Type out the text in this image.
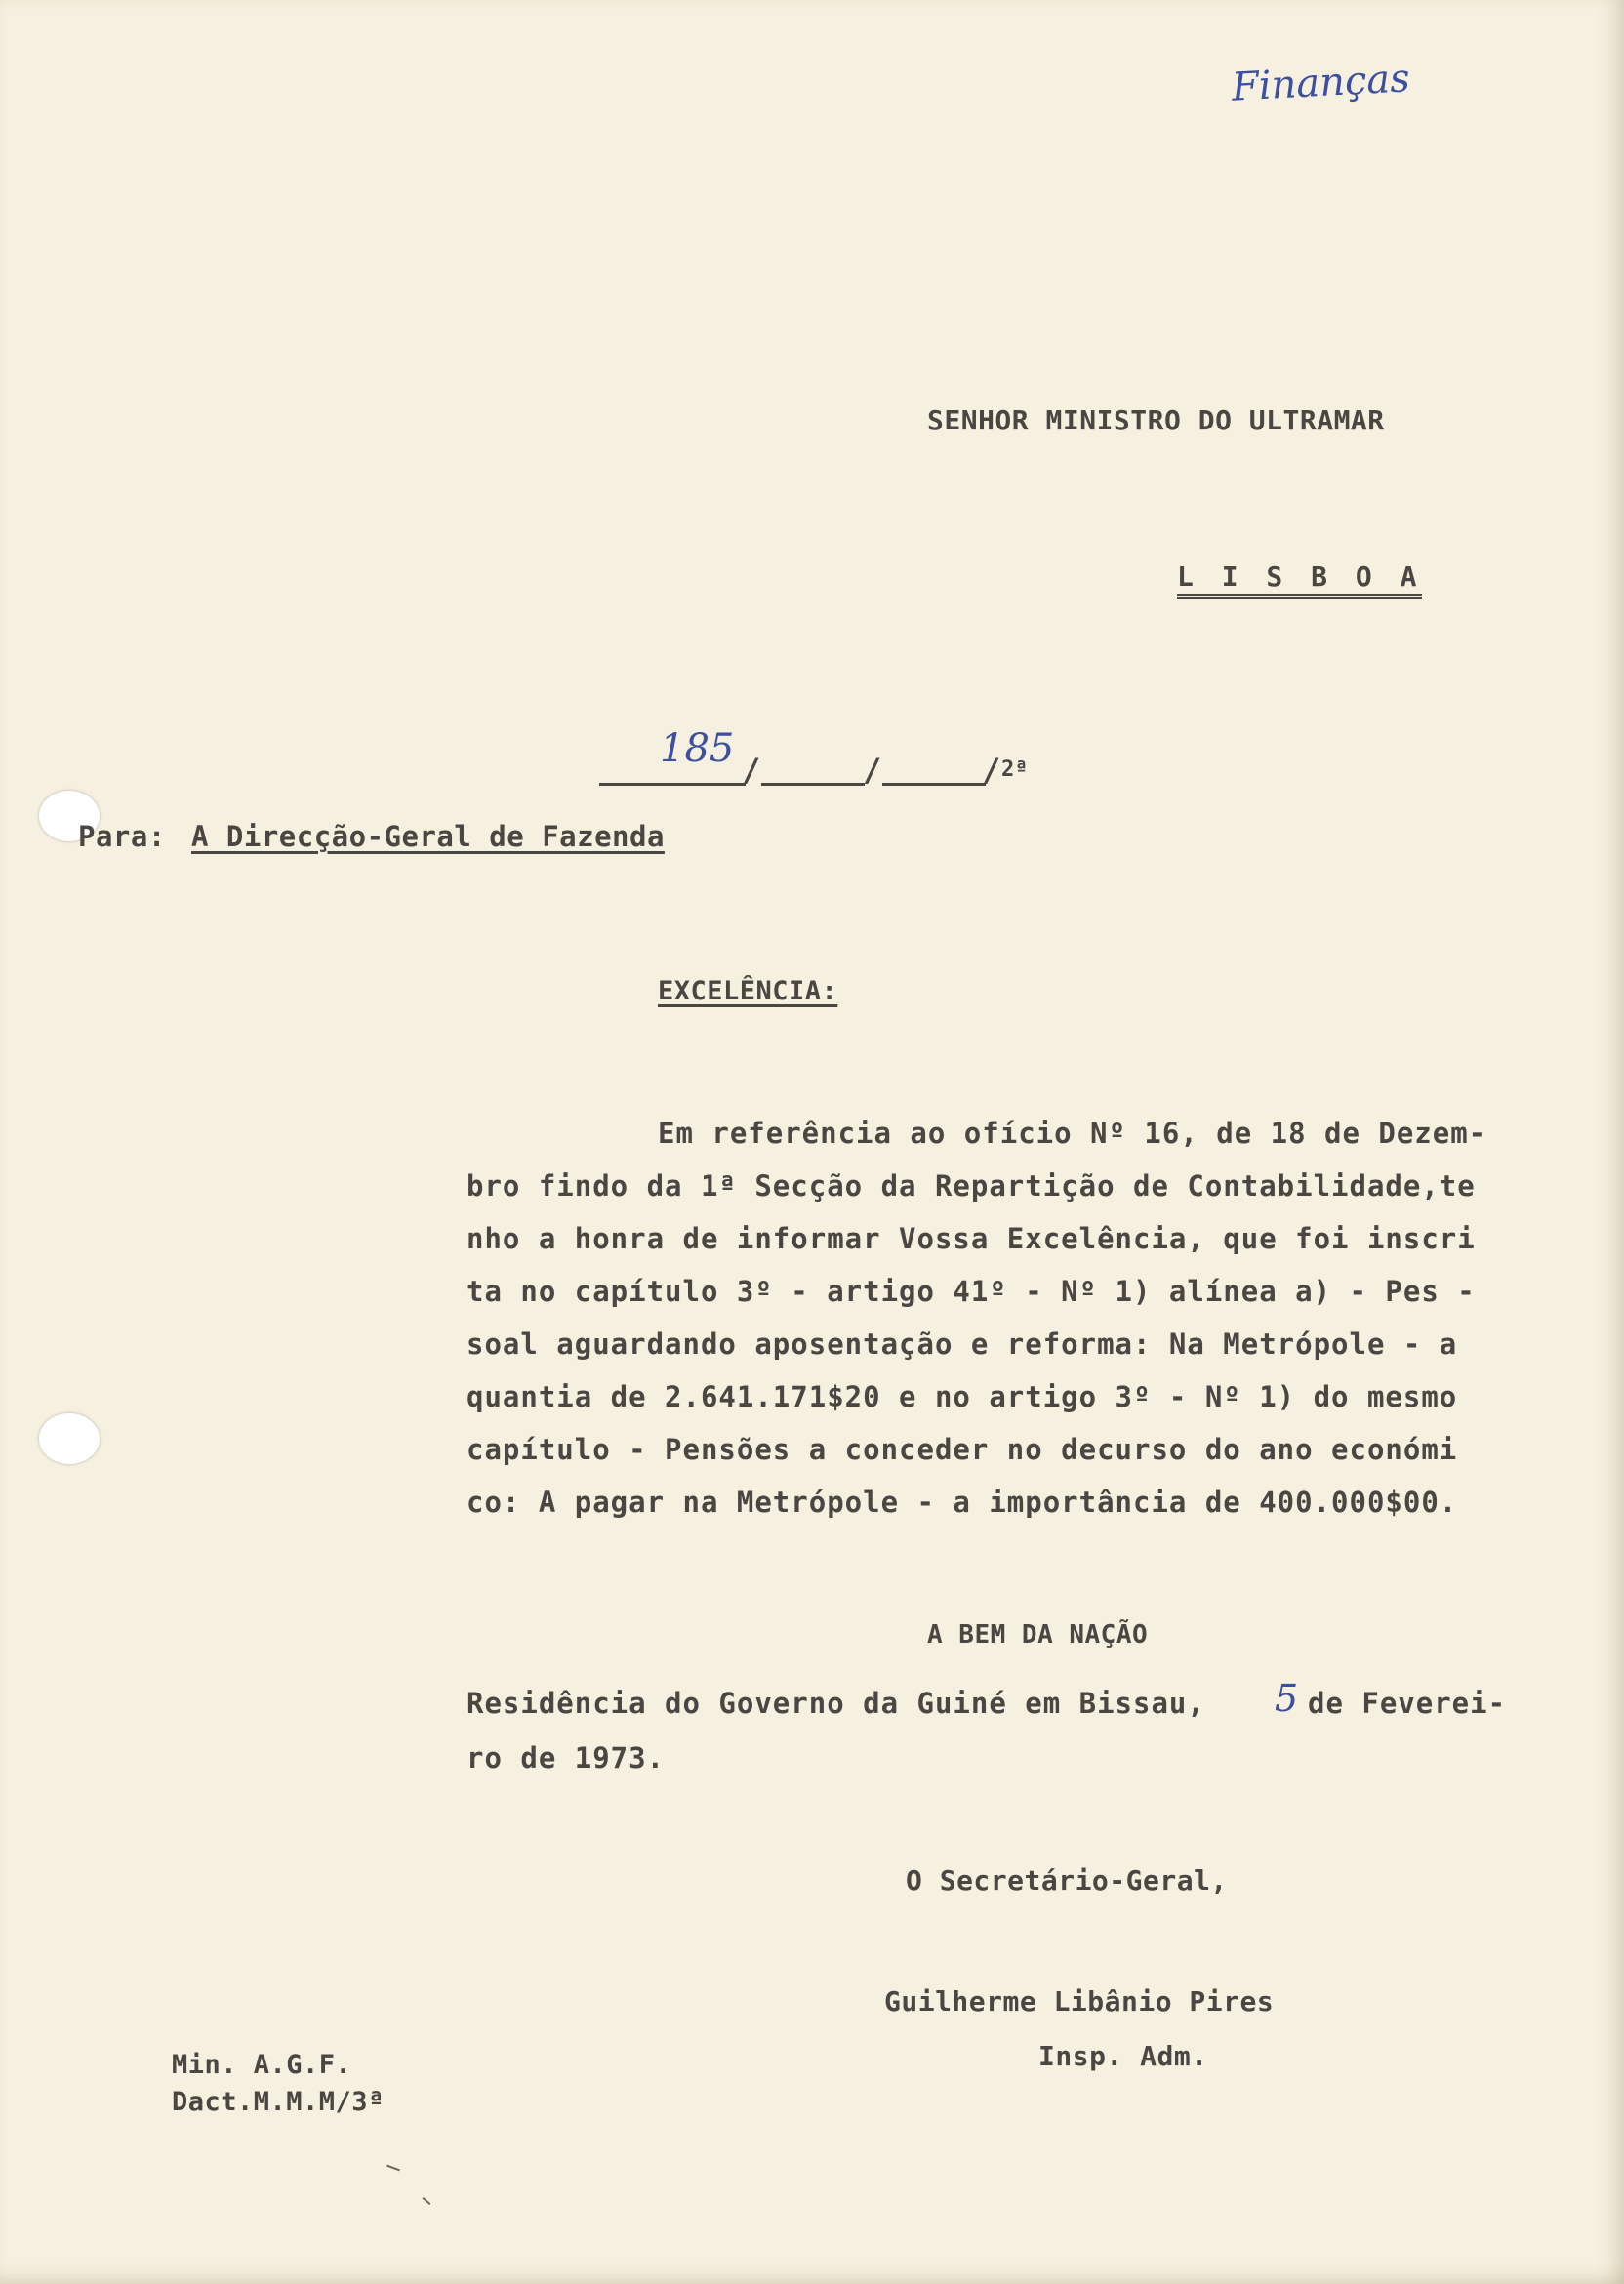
Finanças
SENHOR MINISTRO DO ULTRAMAR
L I S B O A
185 /	/	/ 2ª
Para: A Direcção-Geral de Fazenda
EXCELÊNCIA:
Em referência ao ofício Nº 16, de 18 de Dezem-
bro findo da 1ª Secção da Repartição de Contabilidade,te
nho a honra de informar Vossa Excelência, que foi inscri
ta no capítulo 3º - artigo 41º - Nº 1) alínea a) - Pes -
soal aguardando aposentação e reforma: Na Metrópole - a
quantia de 2.641.171$20 e no artigo 3º - Nº 1) do mesmo
capítulo - Pensões a conceder no decurso do ano económi
co: A pagar na Metrópole - a importância de 400.000$00.
A BEM DA NAÇÃO
Residência do Governo da Guiné em Bissau, 5 de Feverei-
ro de 1973.
O Secretário-Geral,
Guilherme Libânio Pires
Insp. Adm.
Min. A.G.F.
Dact.M.M.M/3ª
